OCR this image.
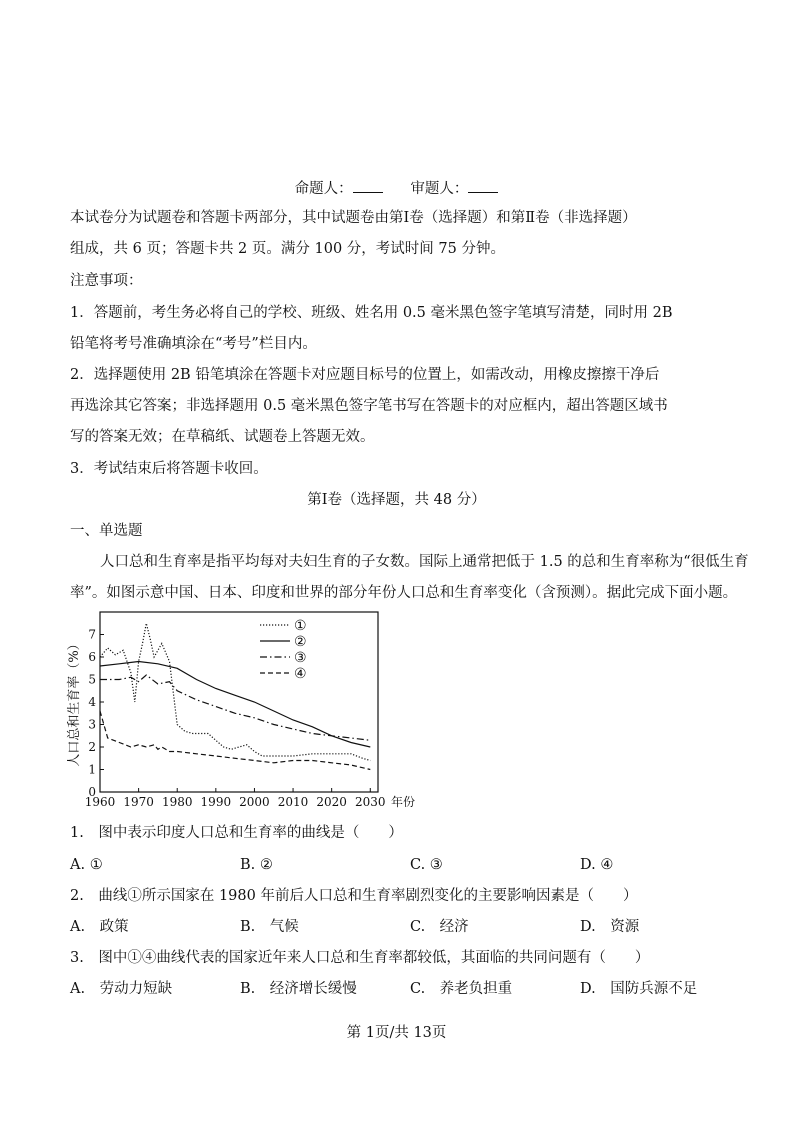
命题人：	审题人：
本试卷分为试题卷和答题卡两部分，其中试题卷由第Ⅰ卷（选择题）和第Ⅱ卷（非选择题）
组成，共 6 页；答题卡共 2 页。满分 100 分，考试时间 75 分钟。
注意事项：
1．答题前，考生务必将自己的学校、班级、姓名用 0.5 毫米黑色签字笔填写清楚，同时用 2B
铅笔将考号准确填涂在“考号”栏目内。
2．选择题使用 2B 铅笔填涂在答题卡对应题目标号的位置上，如需改动，用橡皮擦擦干净后
再选涂其它答案；非选择题用 0.5 毫米黑色签字笔书写在答题卡的对应框内，超出答题区域书
写的答案无效；在草稿纸、试题卷上答题无效。
3．考试结束后将答题卡收回。
第Ⅰ卷（选择题，共 48 分）
一、单选题
人口总和生育率是指平均每对夫妇生育的子女数。国际上通常把低于 1.5 的总和生育率称为“很低生育
率”。如图示意中国、日本、印度和世界的部分年份人口总和生育率变化（含预测）。据此完成下面小题。
人口总和生育率（%）
0
1
2
3
4
5
6
7
1960 1970 1980 1990 2000 2010 2020 2030 年份
①
②
③
④
1.　图中表示印度人口总和生育率的曲线是（　　）
A. ①	B. ②	C. ③	D. ④
2.　曲线①所示国家在 1980 年前后人口总和生育率剧烈变化的主要影响因素是（　　）
A.　政策	B.　气候	C.　经济	D.　资源
3.　图中①④曲线代表的国家近年来人口总和生育率都较低，其面临的共同问题有（　　）
A.　劳动力短缺	B.　经济增长缓慢	C.　养老负担重	D.　国防兵源不足
第 1页/共 13页
